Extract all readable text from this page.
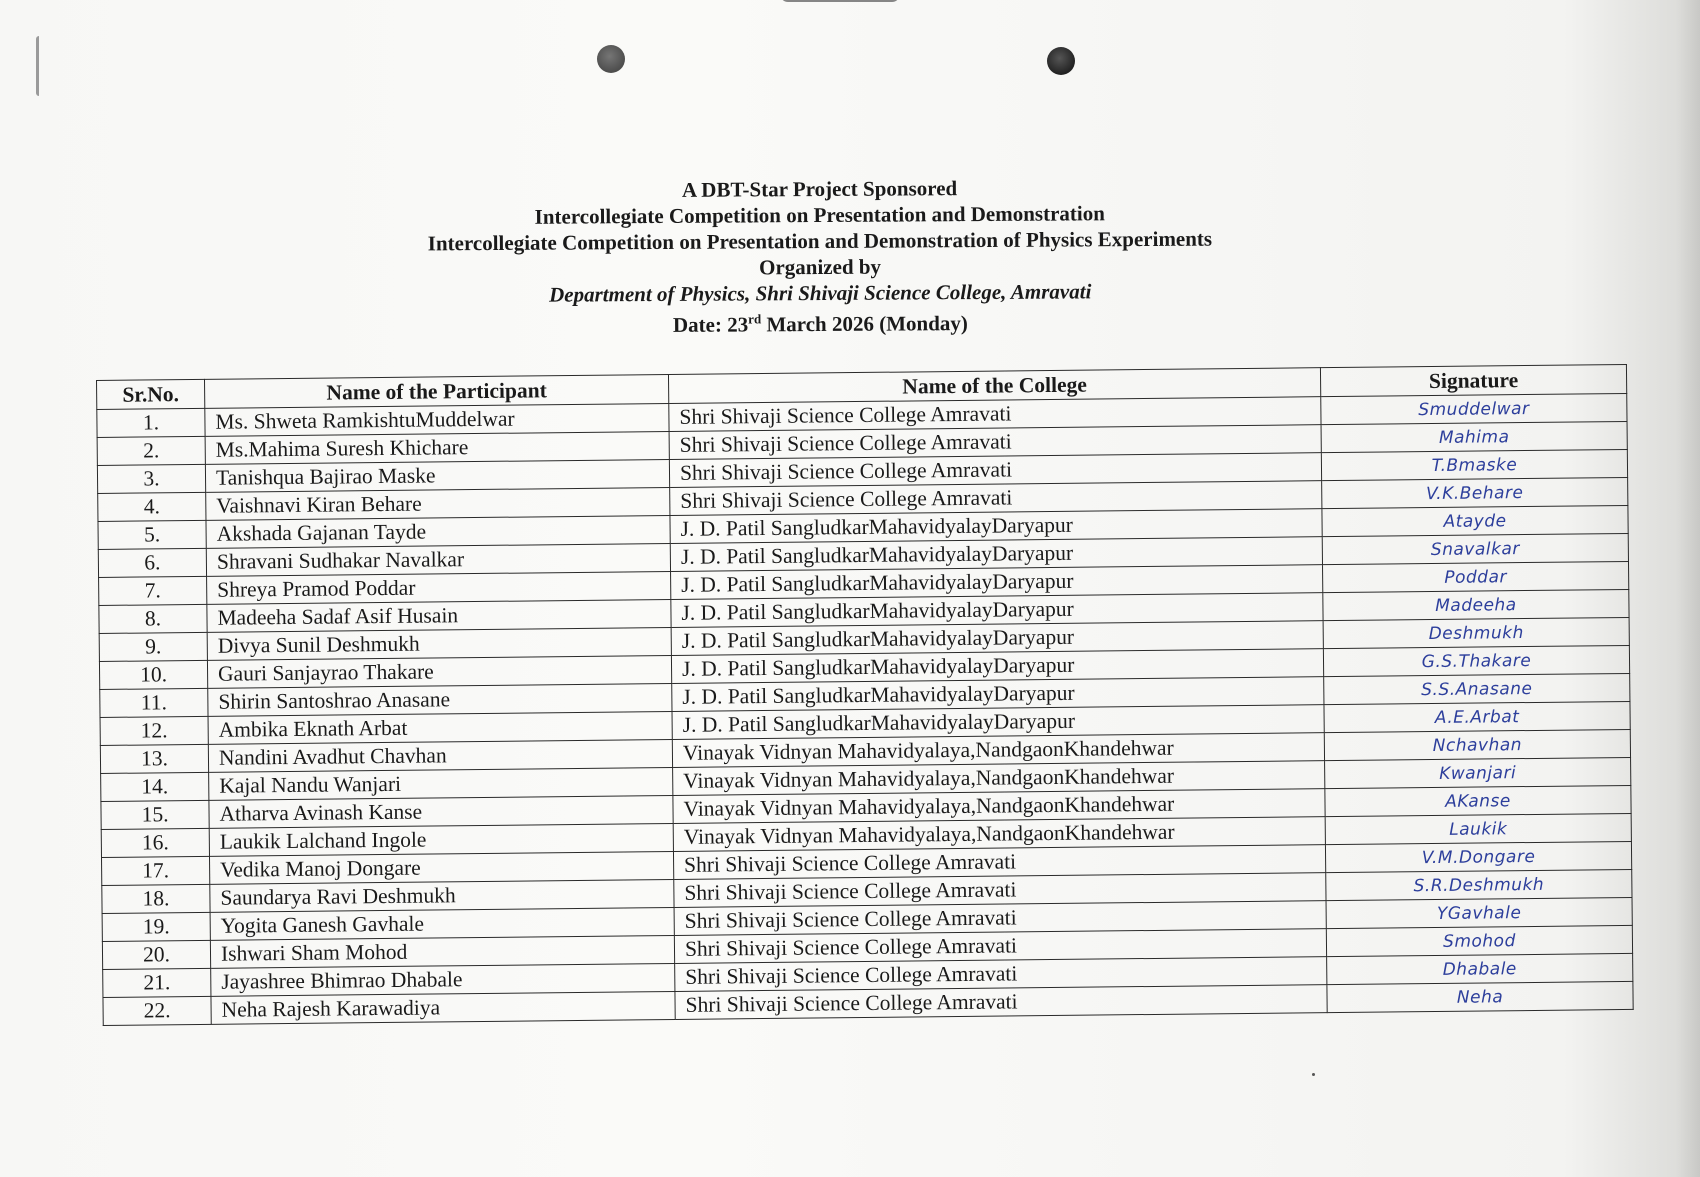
A DBT-Star Project Sponsored
Intercollegiate Competition on Presentation and Demonstration
Intercollegiate Competition on Presentation and Demonstration of Physics Experiments
Organized by
Department of Physics, Shri Shivaji Science College, Amravati
Date: 23rd March 2026 (Monday)
Sr.No.	Name of the Participant	Name of the College	Signature
1.	Ms. Shweta RamkishtuMuddelwar	Shri Shivaji Science College Amravati	Smuddelwar
2.	Ms.Mahima Suresh Khichare	Shri Shivaji Science College Amravati	Mahima
3.	Tanishqua Bajirao Maske	Shri Shivaji Science College Amravati	T.Bmaske
4.	Vaishnavi Kiran Behare	Shri Shivaji Science College Amravati	V.K.Behare
5.	Akshada Gajanan Tayde	J. D. Patil SangludkarMahavidyalayDaryapur	Atayde
6.	Shravani Sudhakar Navalkar	J. D. Patil SangludkarMahavidyalayDaryapur	Snavalkar
7.	Shreya Pramod Poddar	J. D. Patil SangludkarMahavidyalayDaryapur	Poddar
8.	Madeeha Sadaf Asif Husain	J. D. Patil SangludkarMahavidyalayDaryapur	Madeeha
9.	Divya Sunil Deshmukh	J. D. Patil SangludkarMahavidyalayDaryapur	Deshmukh
10.	Gauri Sanjayrao Thakare	J. D. Patil SangludkarMahavidyalayDaryapur	G.S.Thakare
11.	Shirin Santoshrao Anasane	J. D. Patil SangludkarMahavidyalayDaryapur	S.S.Anasane
12.	Ambika Eknath Arbat	J. D. Patil SangludkarMahavidyalayDaryapur	A.E.Arbat
13.	Nandini Avadhut Chavhan	Vinayak Vidnyan Mahavidyalaya,NandgaonKhandehwar	Nchavhan
14.	Kajal Nandu Wanjari	Vinayak Vidnyan Mahavidyalaya,NandgaonKhandehwar	Kwanjari
15.	Atharva Avinash Kanse	Vinayak Vidnyan Mahavidyalaya,NandgaonKhandehwar	AKanse
16.	Laukik Lalchand Ingole	Vinayak Vidnyan Mahavidyalaya,NandgaonKhandehwar	Laukik
17.	Vedika Manoj Dongare	Shri Shivaji Science College Amravati	V.M.Dongare
18.	Saundarya Ravi Deshmukh	Shri Shivaji Science College Amravati	S.R.Deshmukh
19.	Yogita Ganesh Gavhale	Shri Shivaji Science College Amravati	YGavhale
20.	Ishwari Sham Mohod	Shri Shivaji Science College Amravati	Smohod
21.	Jayashree Bhimrao Dhabale	Shri Shivaji Science College Amravati	Dhabale
22.	Neha Rajesh Karawadiya	Shri Shivaji Science College Amravati	Neha
